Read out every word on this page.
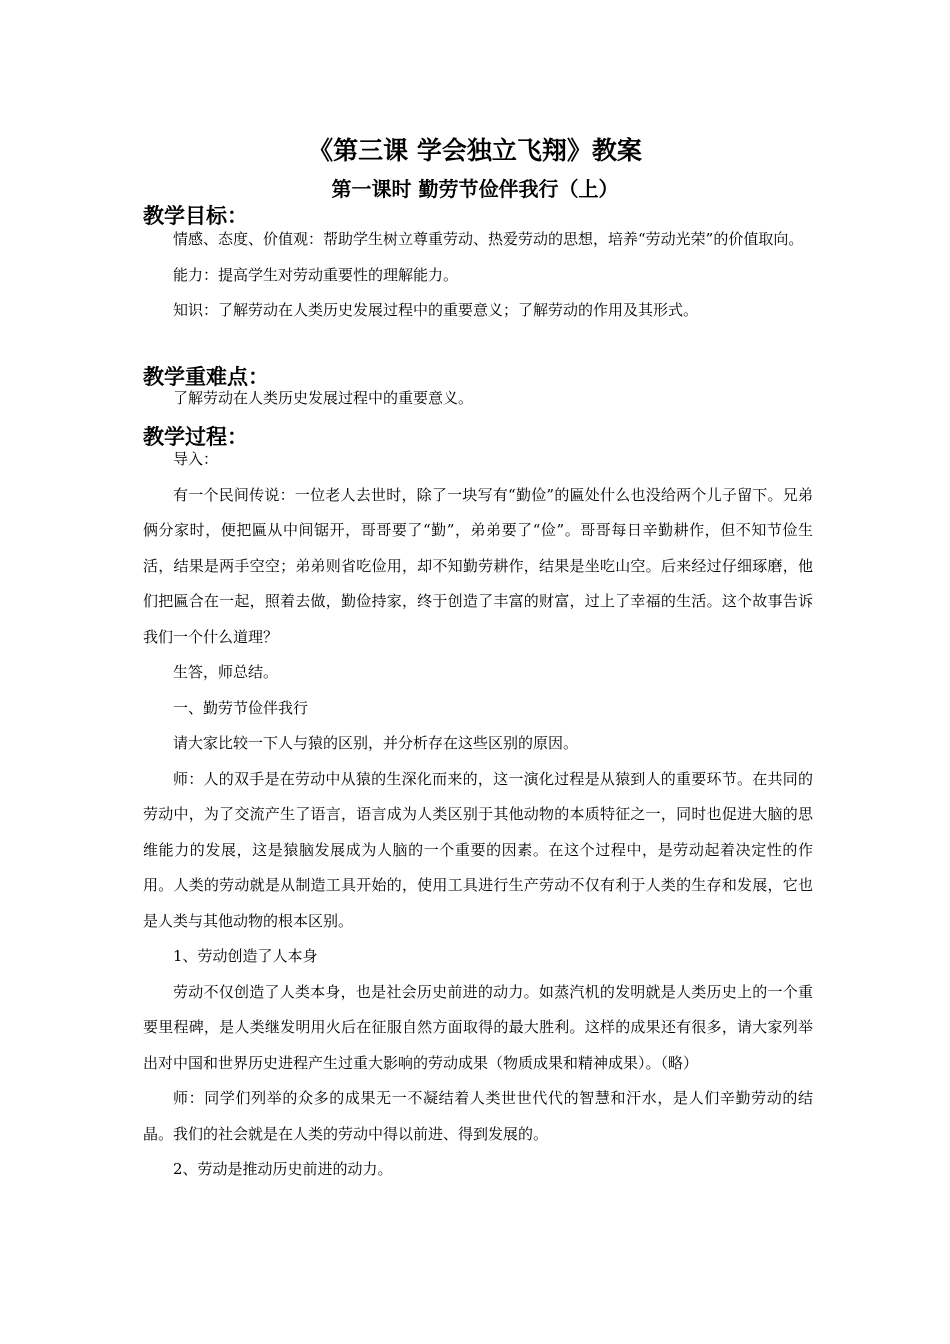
《第三课 学会独立飞翔》教案
第一课时 勤劳节俭伴我行（上）
教学目标：

情感、态度、价值观：帮助学生树立尊重劳动、热爱劳动的思想，培养“劳动光荣”的价值取向。

能力：提高学生对劳动重要性的理解能力。

知识：了解劳动在人类历史发展过程中的重要意义；了解劳动的作用及其形式。

教学重难点：

了解劳动在人类历史发展过程中的重要意义。

教学过程：

导入：

有一个民间传说：一位老人去世时，除了一块写有“勤俭”的匾处什么也没给两个儿子留下。兄弟俩分家时，便把匾从中间锯开，哥哥要了“勤”，弟弟要了“俭”。哥哥每日辛勤耕作，但不知节俭生活，结果是两手空空；弟弟则省吃俭用，却不知勤劳耕作，结果是坐吃山空。后来经过仔细琢磨，他们把匾合在一起，照着去做，勤俭持家，终于创造了丰富的财富，过上了幸福的生活。这个故事告诉我们一个什么道理？

生答，师总结。

一、勤劳节俭伴我行

请大家比较一下人与猿的区别，并分析存在这些区别的原因。

师：人的双手是在劳动中从猿的生深化而来的，这一演化过程是从猿到人的重要环节。在共同的劳动中，为了交流产生了语言，语言成为人类区别于其他动物的本质特征之一，同时也促进大脑的思维能力的发展，这是猿脑发展成为人脑的一个重要的因素。在这个过程中，是劳动起着决定性的作用。人类的劳动就是从制造工具开始的，使用工具进行生产劳动不仅有利于人类的生存和发展，它也是人类与其他动物的根本区别。

1、劳动创造了人本身

劳动不仅创造了人类本身，也是社会历史前进的动力。如蒸汽机的发明就是人类历史上的一个重要里程碑，是人类继发明用火后在征服自然方面取得的最大胜利。这样的成果还有很多，请大家列举出对中国和世界历史进程产生过重大影响的劳动成果（物质成果和精神成果）。（略）

师：同学们列举的众多的成果无一不凝结着人类世世代代的智慧和汗水，是人们辛勤劳动的结晶。我们的社会就是在人类的劳动中得以前进、得到发展的。

2、劳动是推动历史前进的动力。
